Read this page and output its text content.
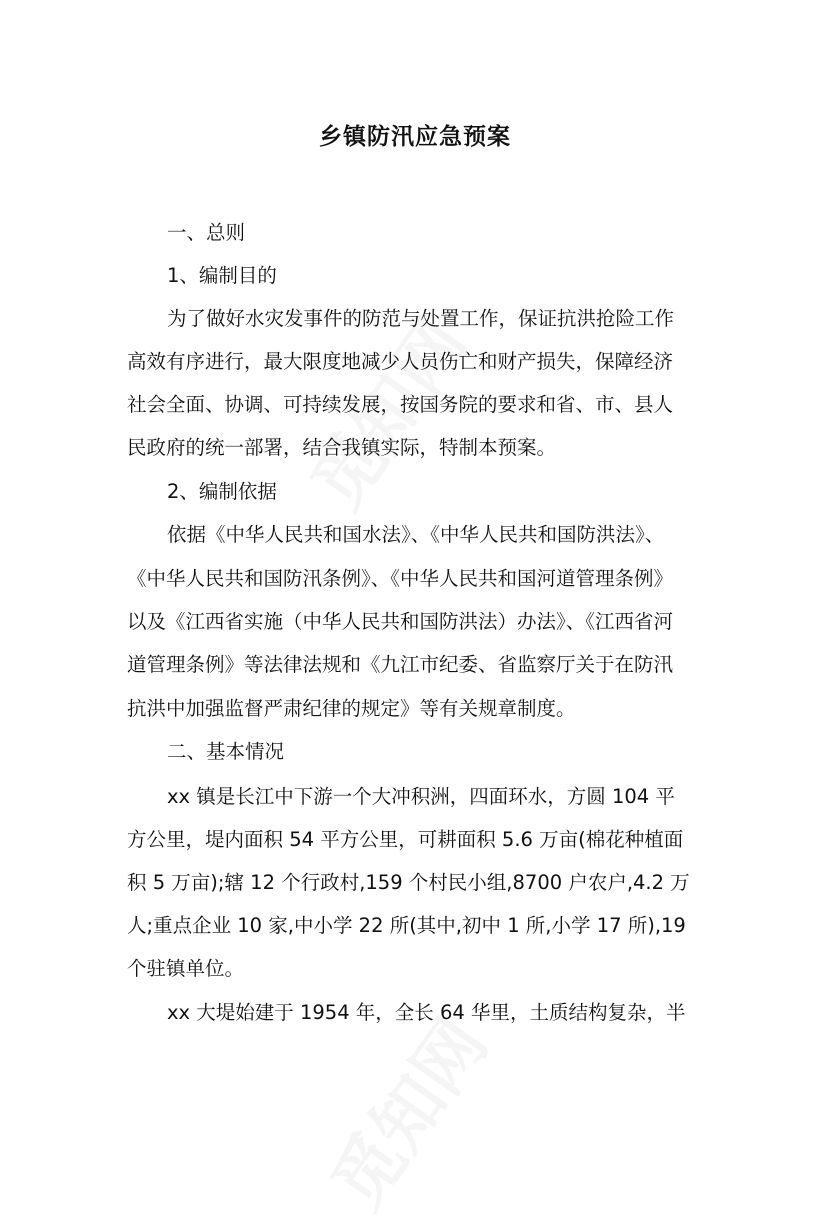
乡镇防汛应急预案
一、总则
1、编制目的
为了做好水灾发事件的防范与处置工作，保证抗洪抢险工作
高效有序进行，最大限度地减少人员伤亡和财产损失，保障经济
社会全面、协调、可持续发展，按国务院的要求和省、市、县人
民政府的统一部署，结合我镇实际，特制本预案。
2、编制依据
依据《中华人民共和国水法》、《中华人民共和国防洪法》、
《中华人民共和国防汛条例》、《中华人民共和国河道管理条例》
以及《江西省实施（中华人民共和国防洪法）办法》、《江西省河
道管理条例》等法律法规和《九江市纪委、省监察厅关于在防汛
抗洪中加强监督严肃纪律的规定》等有关规章制度。
二、基本情况
xx 镇是长江中下游一个大冲积洲，四面环水，方圆 104 平
方公里，堤内面积 54 平方公里，可耕面积 5.6 万亩(棉花种植面
积 5 万亩);辖 12 个行政村,159 个村民小组,8700 户农户,4.2 万
人;重点企业 10 家,中小学 22 所(其中,初中 1 所,小学 17 所),19
个驻镇单位。
xx 大堤始建于 1954 年，全长 64 华里，土质结构复杂，半
